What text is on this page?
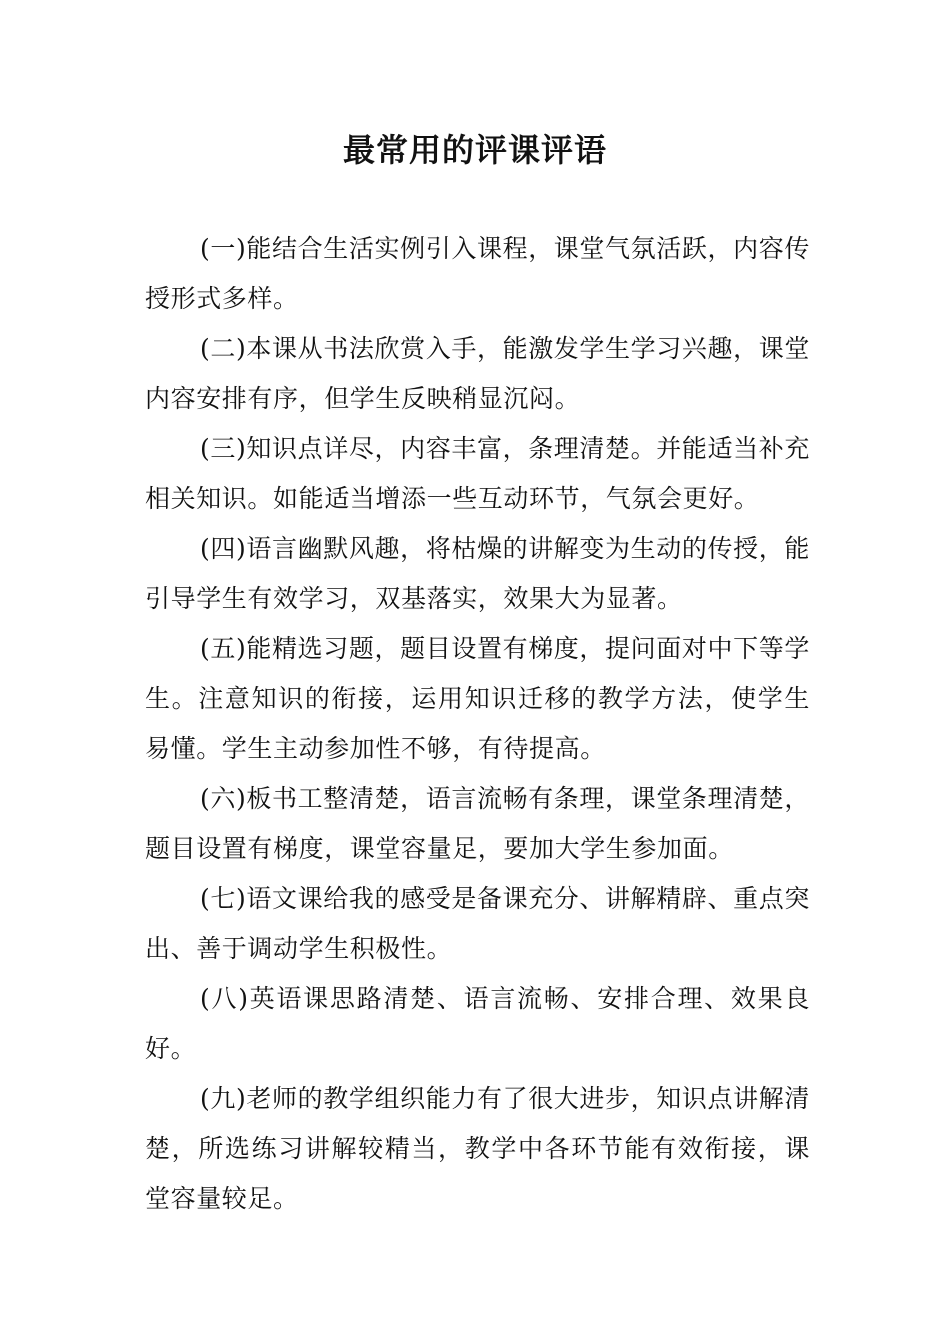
最常用的评课评语

(一)能结合生活实例引入课程，课堂气氛活跃，内容传授形式多样。

(二)本课从书法欣赏入手，能激发学生学习兴趣，课堂内容安排有序，但学生反映稍显沉闷。

(三)知识点详尽，内容丰富，条理清楚。并能适当补充相关知识。如能适当增添一些互动环节，气氛会更好。

(四)语言幽默风趣，将枯燥的讲解变为生动的传授，能引导学生有效学习，双基落实，效果大为显著。

(五)能精选习题，题目设置有梯度，提问面对中下等学生。注意知识的衔接，运用知识迁移的教学方法，使学生易懂。学生主动参加性不够，有待提高。

(六)板书工整清楚，语言流畅有条理，课堂条理清楚，题目设置有梯度，课堂容量足，要加大学生参加面。

(七)语文课给我的感受是备课充分、讲解精辟、重点突出、善于调动学生积极性。

(八)英语课思路清楚、语言流畅、安排合理、效果良好。

(九)老师的教学组织能力有了很大进步，知识点讲解清楚，所选练习讲解较精当，教学中各环节能有效衔接，课堂容量较足。
